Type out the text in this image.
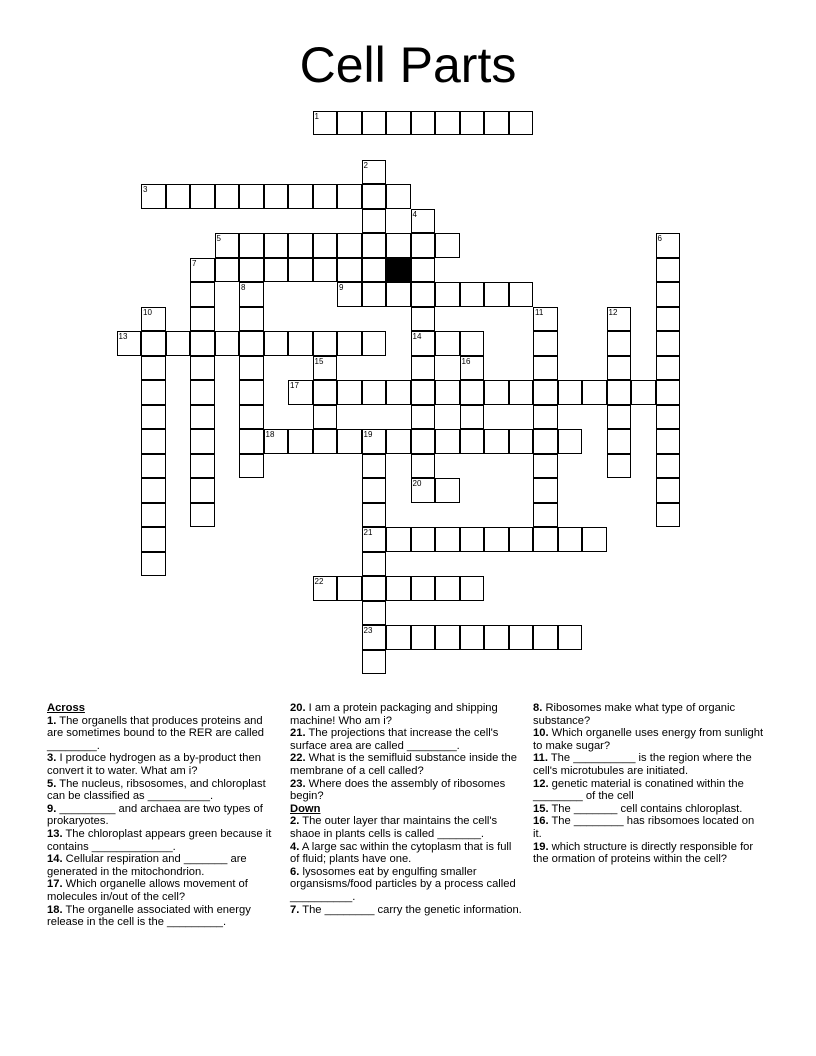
Cell Parts
1
2
3
4
14
20
5	6
7
8	9
10	11	12
13
15	16
17
18	19
21
23
22

Across

1. The organells that produces proteins and are sometimes bound to the RER are called ________.

3. I produce hydrogen as a by-product then convert it to water. What am i?

5. The nucleus, ribsosomes, and chloroplast can be classified as __________.

9. _________ and archaea are two types of prokaryotes.

13. The chloroplast appears green because it contains _____________.

14. Cellular respiration and _______ are generated in the mitochondrion.

17. Which organelle allows movement of molecules in/out of the cell?

18. The organelle associated with energy release in the cell is the _________.

20. I am a protein packaging and shipping machine! Who am i?

21. The projections that increase the cell's surface area are called ________.

22. What is the semifluid substance inside the membrane of a cell called?

23. Where does the assembly of ribosomes begin?

Down

2. The outer layer thar maintains the cell's shaoe in plants cells is called _______.

4. A large sac within the cytoplasm that is full of fluid; plants have one.

6. lysosomes eat by engulfing smaller organsisms/food particles by a process called __________.

7. The ________ carry the genetic information.

8. Ribosomes make what type of organic substance?

10. Which organelle uses energy from sunlight to make sugar?

11. The __________ is the region where the cell's microtubules are initiated.

12. genetic material is conatined within the ________ of the cell

15. The _______ cell contains chloroplast.

16. The ________ has ribsomoes located on it.

19. which structure is directly responsible for the ormation of proteins within the cell?
